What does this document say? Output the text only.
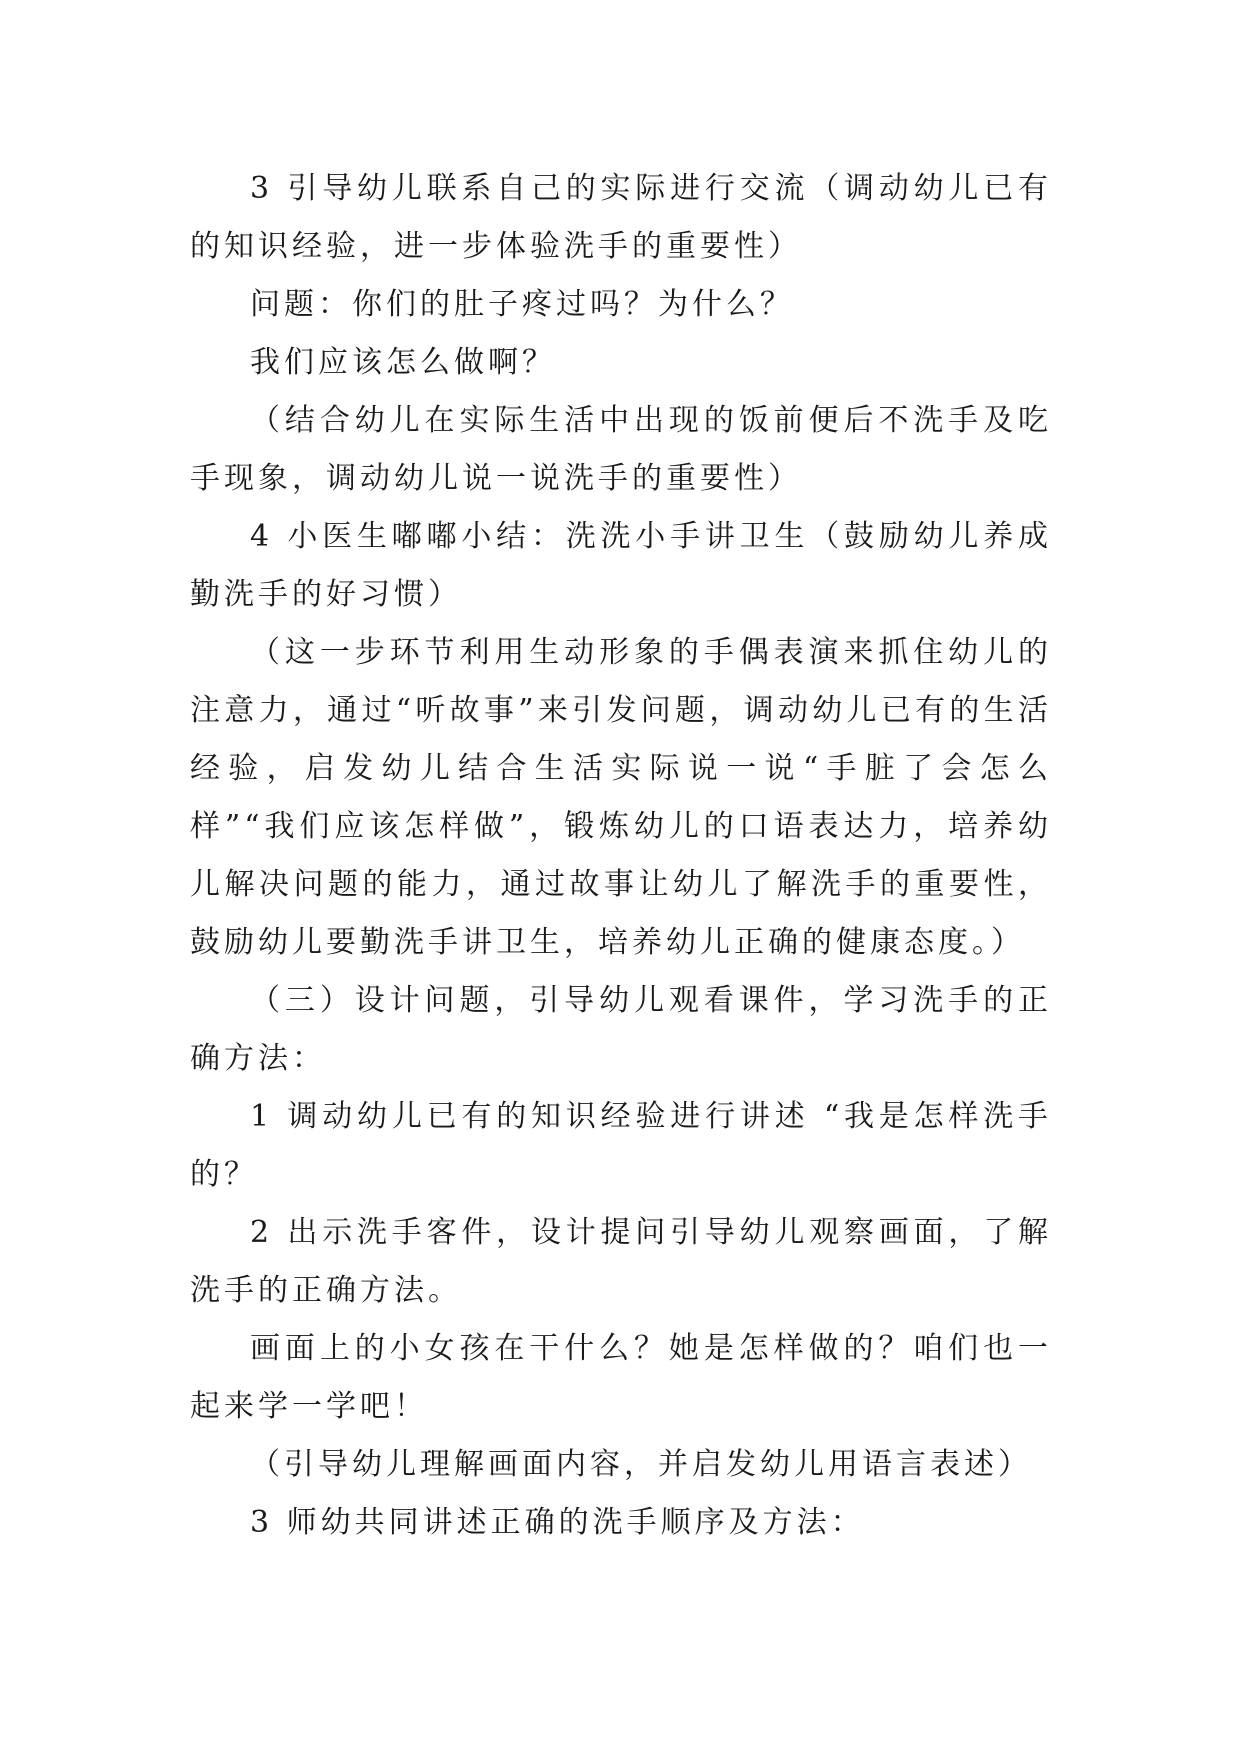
3 引导幼儿联系自己的实际进行交流（调动幼儿已有的知识经验，进一步体验洗手的重要性）

问题：你们的肚子疼过吗？为什么？

我们应该怎么做啊？

（结合幼儿在实际生活中出现的饭前便后不洗手及吃手现象，调动幼儿说一说洗手的重要性）

4 小医生嘟嘟小结：洗洗小手讲卫生（鼓励幼儿养成勤洗手的好习惯）

（这一步环节利用生动形象的手偶表演来抓住幼儿的注意力，通过“听故事”来引发问题，调动幼儿已有的生活经验，启发幼儿结合生活实际说一说“手脏了会怎么样”“我们应该怎样做”，锻炼幼儿的口语表达力，培养幼儿解决问题的能力，通过故事让幼儿了解洗手的重要性，鼓励幼儿要勤洗手讲卫生，培养幼儿正确的健康态度。）

（三）设计问题，引导幼儿观看课件，学习洗手的正确方法：

1 调动幼儿已有的知识经验进行讲述 “我是怎样洗手的？

2 出示洗手客件，设计提问引导幼儿观察画面，了解洗手的正确方法。

画面上的小女孩在干什么？她是怎样做的？咱们也一起来学一学吧！

（引导幼儿理解画面内容，并启发幼儿用语言表述）

3 师幼共同讲述正确的洗手顺序及方法：
